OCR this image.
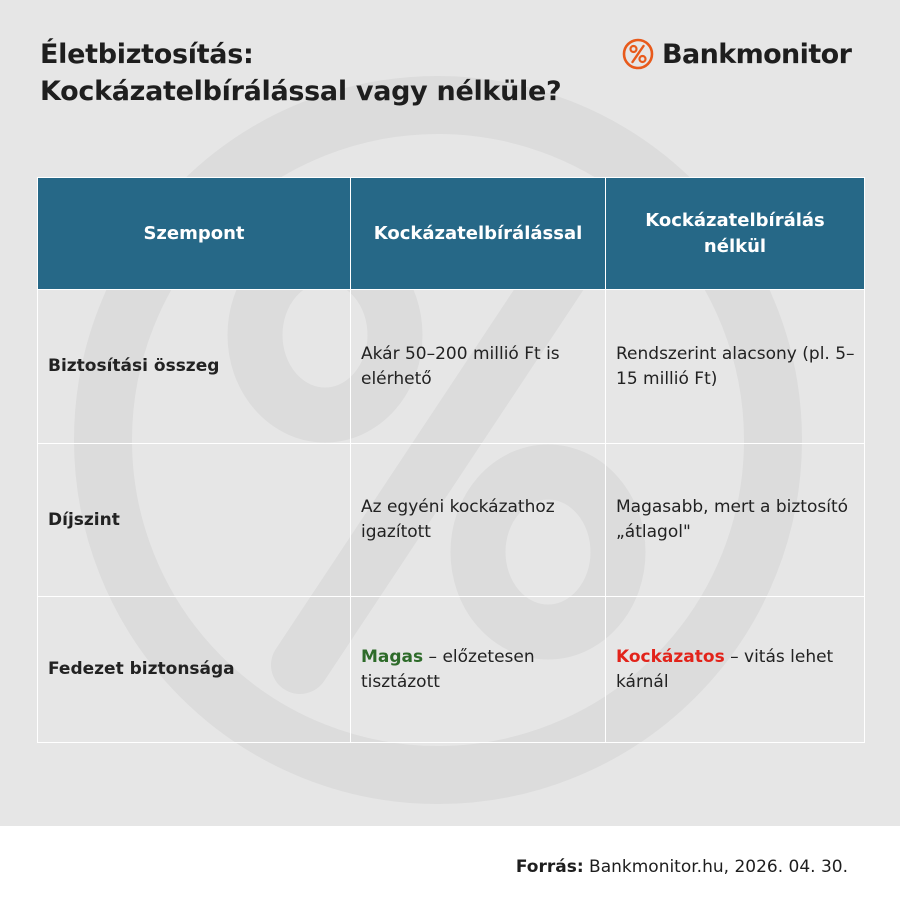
Életbiztosítás:
Kockázatelbírálással vagy nélküle?
Bankmonitor
Szempont	Kockázatelbírálással	Kockázatelbírálás nélkül
Biztosítási összeg	Akár 50–200 millió Ft is elérhető	Rendszerint alacsony (pl. 5–15 millió Ft)
Díjszint	Az egyéni kockázathoz igazított	Magasabb, mert a biztosító „átlagol"
Fedezet biztonsága	Magas – előzetesen tisztázott	Kockázatos – vitás lehet kárnál
Forrás: Bankmonitor.hu, 2026. 04. 30.
